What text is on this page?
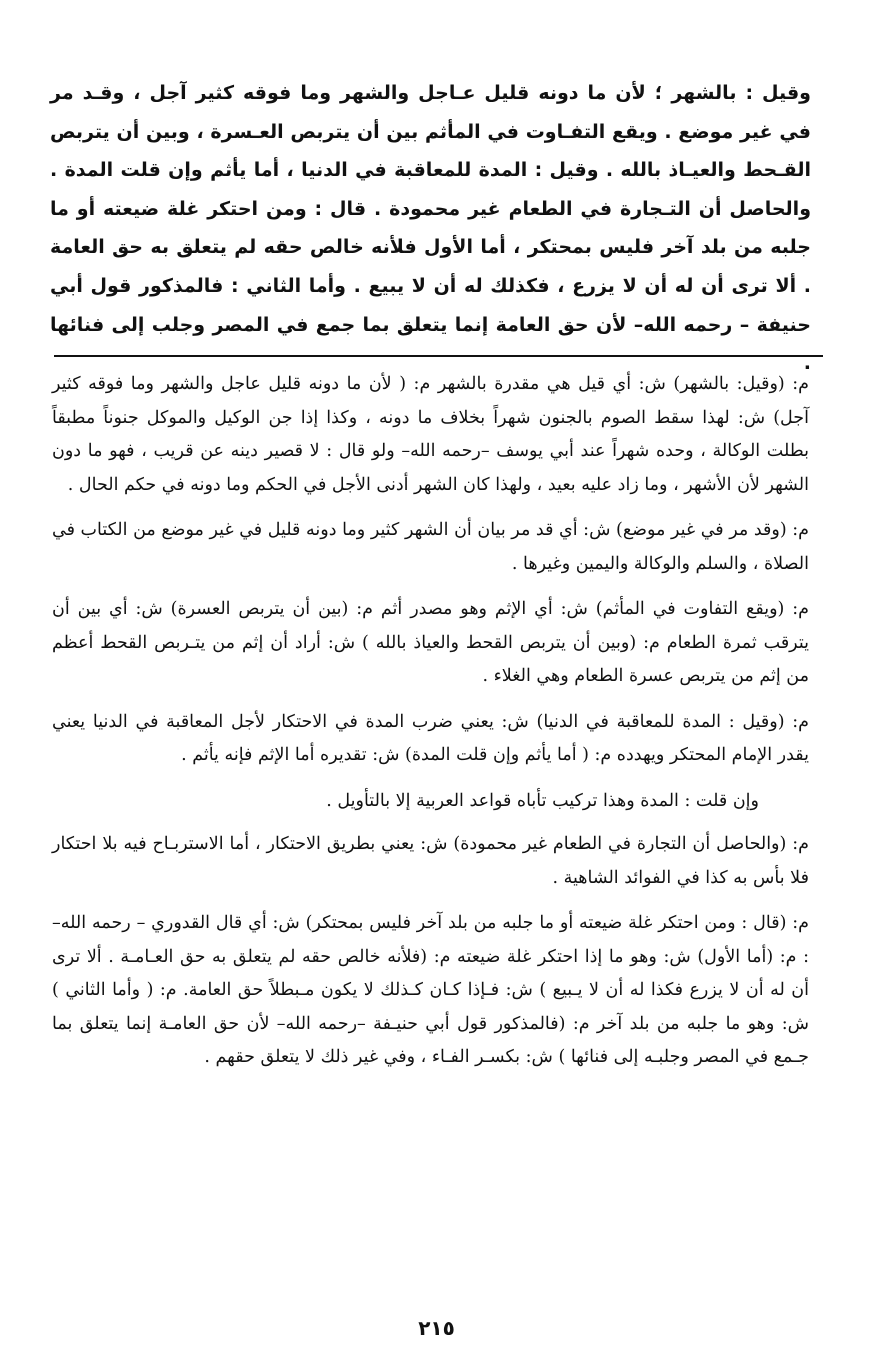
وقيل : بالشهر ؛ لأن ما دونه قليل عـاجل والشهر وما فوقه كثير آجل ، وقـد مر في غير موضع . ويقع التفـاوت في المأثم بين أن يتربص العـسرة ، وبين أن يتربص القـحط والعيـاذ بالله . وقيل : المدة للمعاقبة في الدنيا ، أما يأثم وإن قلت المدة . والحاصل أن التـجارة في الطعام غير محمودة . قال : ومن احتكر غلة ضيعته أو ما جلبه من بلد آخر فليس بمحتكر ، أما الأول فلأنه خالص حقه لم يتعلق به حق العامة . ألا ترى أن له أن لا يزرع ، فكذلك له أن لا يبيع . وأما الثاني : فالمذكور قول أبي حنيفة – رحمه الله– لأن حق العامة إنما يتعلق بما جمع في المصر وجلب إلى فنائها .

م: (وقيل: بالشهر) ش: أي قيل هي مقدرة بالشهر م: ( لأن ما دونه قليل عاجل والشهر وما فوقه كثير آجل) ش: لهذا سقط الصوم بالجنون شهراً بخلاف ما دونه ، وكذا إذا جن الوكيل والموكل جنوناً مطبقاً بطلت الوكالة ، وحده شهراً عند أبي يوسف –رحمه الله– ولو قال : لا قصير دينه عن قريب ، فهو ما دون الشهر لأن الأشهر ، وما زاد عليه بعيد ، ولهذا كان الشهر أدنى الأجل في الحكم وما دونه في حكم الحال .

م: (وقد مر في غير موضع) ش: أي قد مر بيان أن الشهر كثير وما دونه قليل في غير موضع من الكتاب في الصلاة ، والسلم والوكالة واليمين وغيرها .

م: (ويقع التفاوت في المأثم) ش: أي الإثم وهو مصدر أثم م: (بين أن يتربص العسرة) ش: أي بين أن يترقب ثمرة الطعام م: (وبين أن يتربص القحط والعياذ بالله ) ش: أراد أن إثم من يتـربص القحط أعظم من إثم من يتربص عسرة الطعام وهي الغلاء .

م: (وقيل : المدة للمعاقبة في الدنيا) ش: يعني ضرب المدة في الاحتكار لأجل المعاقبة في الدنيا يعني يقدر الإمام المحتكر ويهدده م: ( أما يأثم وإن قلت المدة) ش: تقديره أما الإثم فإنه يأثم .

وإن قلت : المدة وهذا تركيب تأباه قواعد العربية إلا بالتأويل .

م: (والحاصل أن التجارة في الطعام غير محمودة) ش: يعني بطريق الاحتكار ، أما الاستربـاح فيه بلا احتكار فلا بأس به كذا في الفوائد الشاهية .

م: (قال : ومن احتكر غلة ضيعته أو ما جلبه من بلد آخر فليس بمحتكر) ش: أي قال القدوري – رحمه الله– : م: (أما الأول) ش: وهو ما إذا احتكر غلة ضيعته م: (فلأنه خالص حقه لم يتعلق به حق العـامـة . ألا ترى أن له أن لا يزرع فكذا له أن لا يـبيع ) ش: فـإذا كـان كـذلك لا يكون مـبطلاً حق العامة. م: ( وأما الثاني ) ش: وهو ما جلبه من بلد آخر م: (فالمذكور قول أبي حنيـفة –رحمه الله– لأن حق العامـة إنما يتعلق بما جـمع في المصر وجلبـه إلى فنائها ) ش: بكسـر الفـاء ، وفي غير ذلك لا يتعلق حقهم .

٢١٥
